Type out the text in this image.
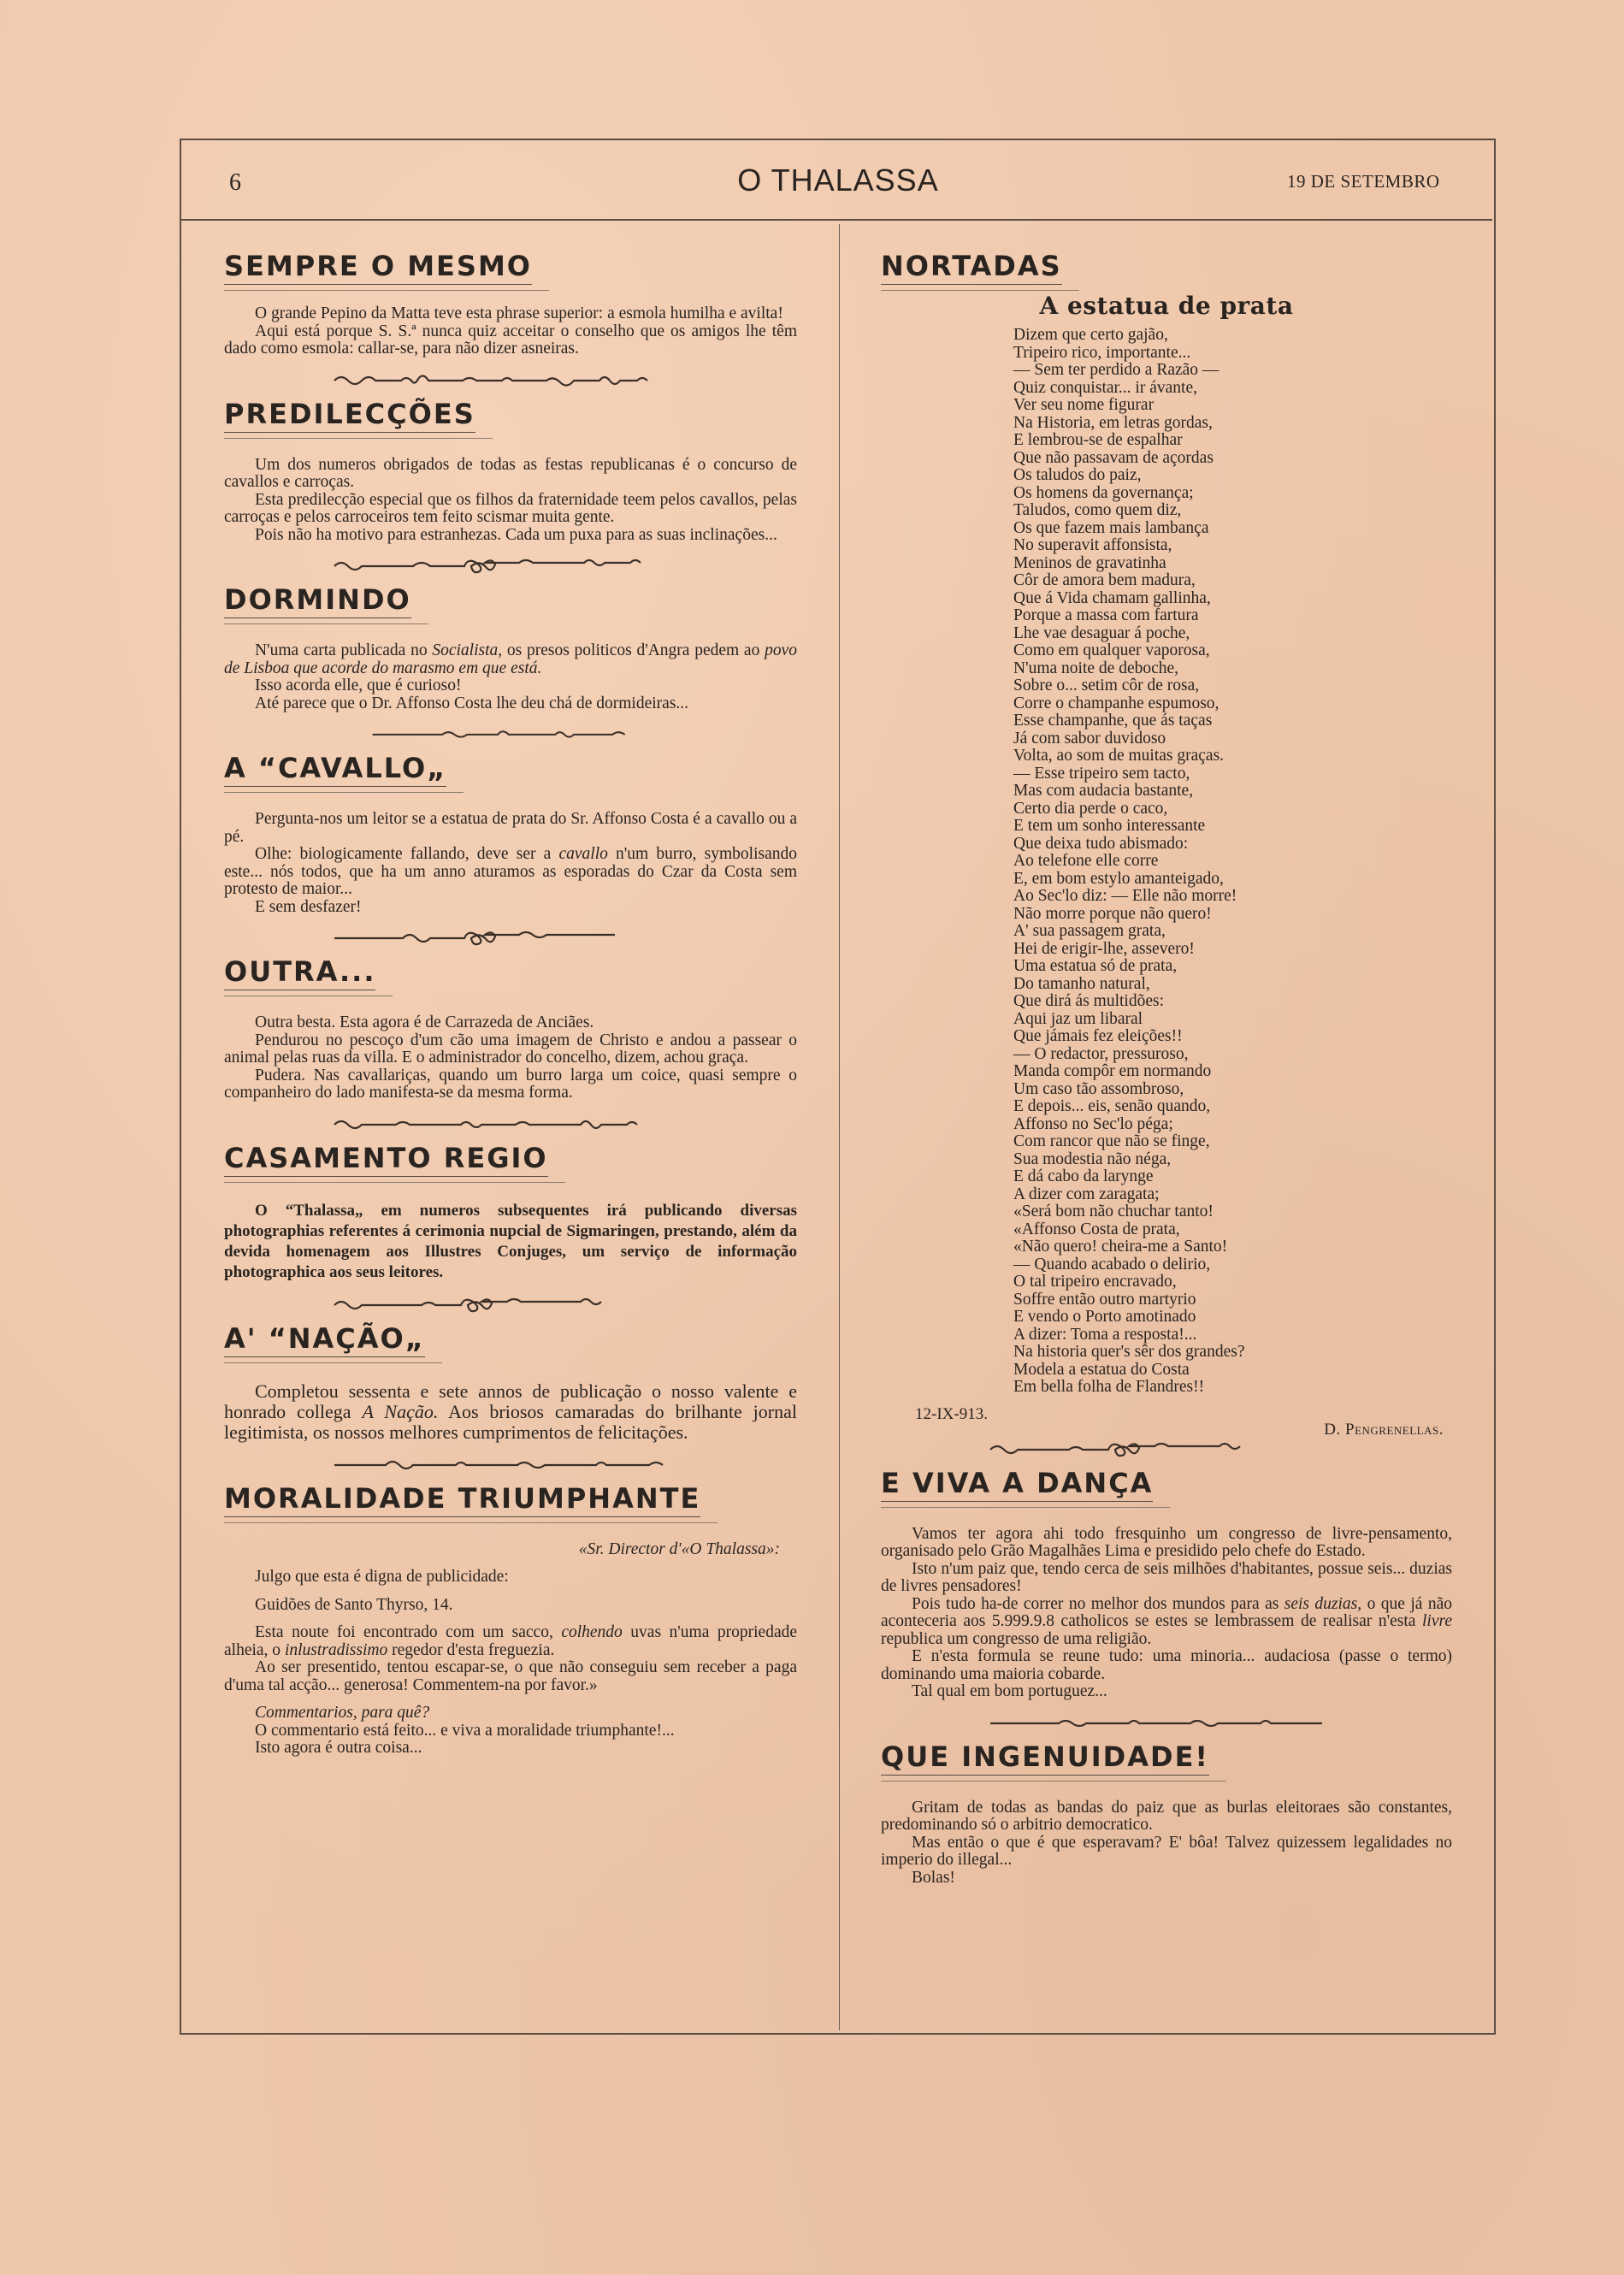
6	O THALASSA	19 DE SETEMBRO
SEMPRE O MESMO

O grande Pepino da Matta teve esta phrase superior: a esmola humilha e avilta!

Aqui está porque S. S.ª nunca quiz acceitar o conselho que os amigos lhe têm dado como esmola: callar-se, para não dizer asneiras.

PREDILECÇÕES

Um dos numeros obrigados de todas as festas republicanas é o concurso de cavallos e carroças.

Esta predilecção especial que os filhos da fraternidade teem pelos cavallos, pelas carroças e pelos carroceiros tem feito scismar muita gente.

Pois não ha motivo para estranhezas. Cada um puxa para as suas inclinações...

DORMINDO

N'uma carta publicada no Socialista, os presos politicos d'Angra pedem ao povo de Lisboa que acorde do marasmo em que está.

Isso acorda elle, que é curioso!

Até parece que o Dr. Affonso Costa lhe deu chá de dormideiras...

A “CAVALLO„

Pergunta-nos um leitor se a estatua de prata do Sr. Affonso Costa é a cavallo ou a pé.

Olhe: biologicamente fallando, deve ser a cavallo n'um burro, symbolisando este... nós todos, que ha um anno aturamos as esporadas do Czar da Costa sem protesto de maior...

E sem desfazer!

OUTRA...

Outra besta. Esta agora é de Carrazeda de Anciães.

Pendurou no pescoço d'um cão uma imagem de Christo e andou a passear o animal pelas ruas da villa. E o administrador do concelho, dizem, achou graça.

Pudera. Nas cavallariças, quando um burro larga um coice, quasi sempre o companheiro do lado manifesta-se da mesma forma.

CASAMENTO REGIO

O “Thalassa„ em numeros subsequentes irá publicando diversas photographias referentes á cerimonia nupcial de Sigmaringen, prestando, além da devida homenagem aos Illustres Conjuges, um serviço de informação photographica aos seus leitores.

A' “NAÇÃO„

Completou sessenta e sete annos de publicação o nosso valente e honrado collega A Nação. Aos briosos camaradas do brilhante jornal legitimista, os nossos melhores cumprimentos de felicitações.

MORALIDADE TRIUMPHANTE

«Sr. Director d'«O Thalassa»:

Julgo que esta é digna de publicidade:

Guidões de Santo Thyrso, 14.

Esta noute foi encontrado com um sacco, colhendo uvas n'uma propriedade alheia, o inlustradissimo regedor d'esta freguezia.

Ao ser presentido, tentou escapar-se, o que não conseguiu sem receber a paga d'uma tal acção... generosa! Commentem-na por favor.»

Commentarios, para quê?

O commentario está feito... e viva a moralidade triumphante!...

Isto agora é outra coisa...

NORTADAS
A estatua de prata
Dizem que certo gajão,
Tripeiro rico, importante...
— Sem ter perdido a Razão —
Quiz conquistar... ir ávante,
Ver seu nome figurar
Na Historia, em letras gordas,
E lembrou-se de espalhar
Que não passavam de açordas
Os taludos do paiz,
Os homens da governança;
Taludos, como quem diz,
Os que fazem mais lambança
No superavit affonsista,
Meninos de gravatinha
Côr de amora bem madura,
Que á Vida chamam gallinha,
Porque a massa com fartura
Lhe vae desaguar á poche,
Como em qualquer vaporosa,
N'uma noite de deboche,
Sobre o... setim côr de rosa,
Corre o champanhe espumoso,
Esse champanhe, que ás taças
Já com sabor duvidoso
Volta, ao som de muitas graças.
— Esse tripeiro sem tacto,
Mas com audacia bastante,
Certo dia perde o caco,
E tem um sonho interessante
Que deixa tudo abismado:
Ao telefone elle corre
E, em bom estylo amanteigado,
Ao Sec'lo diz: — Elle não morre!
Não morre porque não quero!
A' sua passagem grata,
Hei de erigir-lhe, assevero!
Uma estatua só de prata,
Do tamanho natural,
Que dirá ás multidões:
Aqui jaz um libaral
Que jámais fez eleições!!
— O redactor, pressuroso,
Manda compôr em normando
Um caso tão assombroso,
E depois... eis, senão quando,
Affonso no Sec'lo péga;
Com rancor que não se finge,
Sua modestia não néga,
E dá cabo da larynge
A dizer com zaragata;
«Será bom não chuchar tanto!
«Affonso Costa de prata,
«Não quero! cheira-me a Santo!
— Quando acabado o delirio,
O tal tripeiro encravado,
Soffre então outro martyrio
E vendo o Porto amotinado
A dizer: Toma a resposta!...
Na historia quer's sêr dos grandes?
Modela a estatua do Costa
Em bella folha de Flandres!!
12-IX-913.
D. Pengrenellas.
E VIVA A DANÇA

Vamos ter agora ahi todo fresquinho um congresso de livre-pensamento, organisado pelo Grão Magalhães Lima e presidido pelo chefe do Estado.

Isto n'um paiz que, tendo cerca de seis milhões d'habitantes, possue seis... duzias de livres pensadores!

Pois tudo ha-de correr no melhor dos mundos para as seis duzias, o que já não aconteceria aos 5.999.9.8 catholicos se estes se lembrassem de realisar n'esta livre republica um congresso de uma religião.

E n'esta formula se reune tudo: uma minoria... audaciosa (passe o termo) dominando uma maioria cobarde.

Tal qual em bom portuguez...

QUE INGENUIDADE!

Gritam de todas as bandas do paiz que as burlas eleitoraes são constantes, predominando só o arbitrio democratico.

Mas então o que é que esperavam? E' bôa! Talvez quizessem legalidades no imperio do illegal...

Bolas!
